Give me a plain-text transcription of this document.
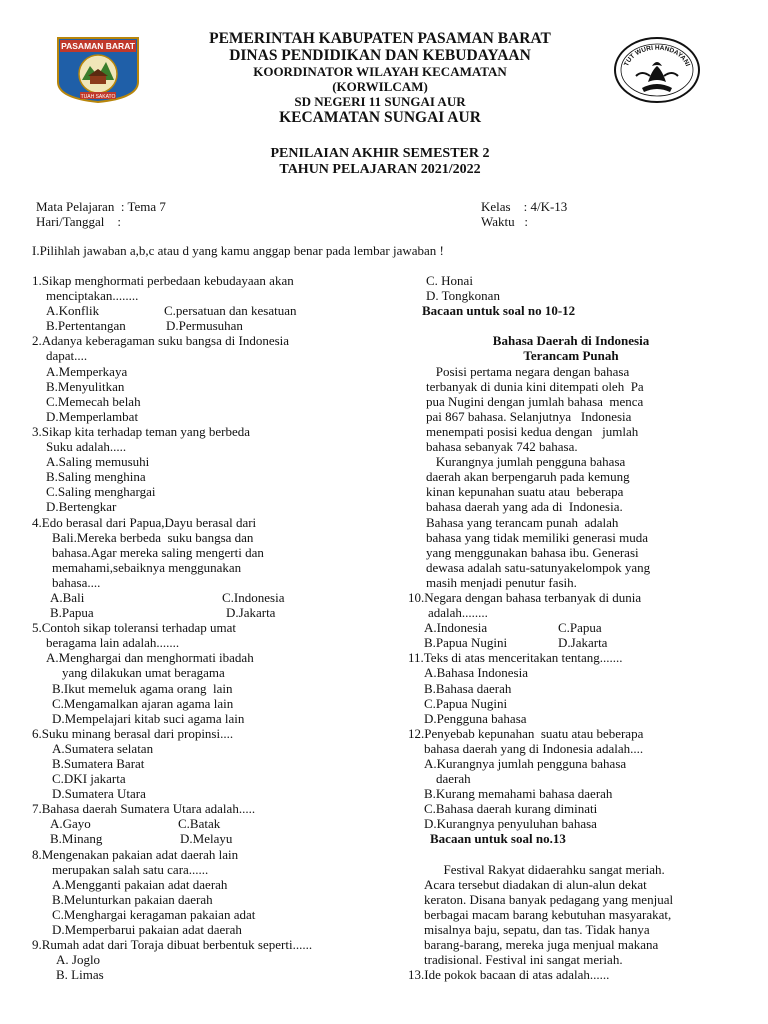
PASAMAN BARAT
TUAH SAKATO
PEMERINTAH KABUPATEN PASAMAN BARAT
DINAS PENDIDIKAN DAN KEBUDAYAAN
KOORDINATOR WILAYAH KECAMATAN
(KORWILCAM)
SD NEGERI 11 SUNGAI AUR
KECAMATAN SUNGAI AUR
TUT WURI HANDAYANI
PENILAIAN AKHIR SEMESTER 2
TAHUN PELAJARAN 2021/2022
Mata Pelajaran  : Tema 7
Hari/Tanggal    :
Kelas    : 4/K-13
Waktu   :
I.Pilihlah jawaban a,b,c atau d yang kamu anggap benar pada lembar jawaban !
1.Sikap menghormati perbedaan kebudayaan akan
menciptakan........
A.Konflik	C.persatuan dan kesatuan
B.Pertentangan	D.Permusuhan
2.Adanya keberagaman suku bangsa di Indonesia
dapat....
A.Memperkaya
B.Menyulitkan
C.Memecah belah
D.Memperlambat
3.Sikap kita terhadap teman yang berbeda
Suku adalah.....
A.Saling memusuhi
B.Saling menghina
C.Saling menghargai
D.Bertengkar
4.Edo berasal dari Papua,Dayu berasal dari
Bali.Mereka berbeda  suku bangsa dan
bahasa.Agar mereka saling mengerti dan
memahami,sebaiknya menggunakan
bahasa....
A.Bali	C.Indonesia
B.Papua	D.Jakarta
5.Contoh sikap toleransi terhadap umat
beragama lain adalah.......
A.Menghargai dan menghormati ibadah
yang dilakukan umat beragama
B.Ikut memeluk agama orang  lain
C.Mengamalkan ajaran agama lain
D.Mempelajari kitab suci agama lain
6.Suku minang berasal dari propinsi....
A.Sumatera selatan
B.Sumatera Barat
C.DKI jakarta
D.Sumatera Utara
7.Bahasa daerah Sumatera Utara adalah.....
A.Gayo	C.Batak
B.Minang	D.Melayu
8.Mengenakan pakaian adat daerah lain
merupakan salah satu cara......
A.Mengganti pakaian adat daerah
B.Melunturkan pakaian daerah
C.Menghargai keragaman pakaian adat
D.Memperbarui pakaian adat daerah
9.Rumah adat dari Toraja dibuat berbentuk seperti......
A. Joglo
B. Limas
C. Honai
D. Tongkonan
Bacaan untuk soal no 10-12
Bahasa Daerah di Indonesia
Terancam Punah
Posisi pertama negara dengan bahasa
terbanyak di dunia kini ditempati oleh  Pa
pua Nugini dengan jumlah bahasa  menca
pai 867 bahasa. Selanjutnya   Indonesia
menempati posisi kedua dengan   jumlah
bahasa sebanyak 742 bahasa.
Kurangnya jumlah pengguna bahasa
daerah akan berpengaruh pada kemung
kinan kepunahan suatu atau  beberapa
bahasa daerah yang ada di  Indonesia.
Bahasa yang terancam punah  adalah
bahasa yang tidak memiliki generasi muda
yang menggunakan bahasa ibu. Generasi
dewasa adalah satu-satunyakelompok yang
masih menjadi penutur fasih.
10.Negara dengan bahasa terbanyak di dunia
adalah........
A.Indonesia	C.Papua
B.Papua Nugini	D.Jakarta
11.Teks di atas menceritakan tentang.......
A.Bahasa Indonesia
B.Bahasa daerah
C.Papua Nugini
D.Pengguna bahasa
12.Penyebab kepunahan  suatu atau beberapa
bahasa daerah yang di Indonesia adalah....
A.Kurangnya jumlah pengguna bahasa
daerah
B.Kurang memahami bahasa daerah
C.Bahasa daerah kurang diminati
D.Kurangnya penyuluhan bahasa
Bacaan untuk soal no.13
Festival Rakyat didaerahku sangat meriah.
Acara tersebut diadakan di alun-alun dekat
keraton. Disana banyak pedagang yang menjual
berbagai macam barang kebutuhan masyarakat,
misalnya baju, sepatu, dan tas. Tidak hanya
barang-barang, mereka juga menjual makana
tradisional. Festival ini sangat meriah.
13.Ide pokok bacaan di atas adalah......
